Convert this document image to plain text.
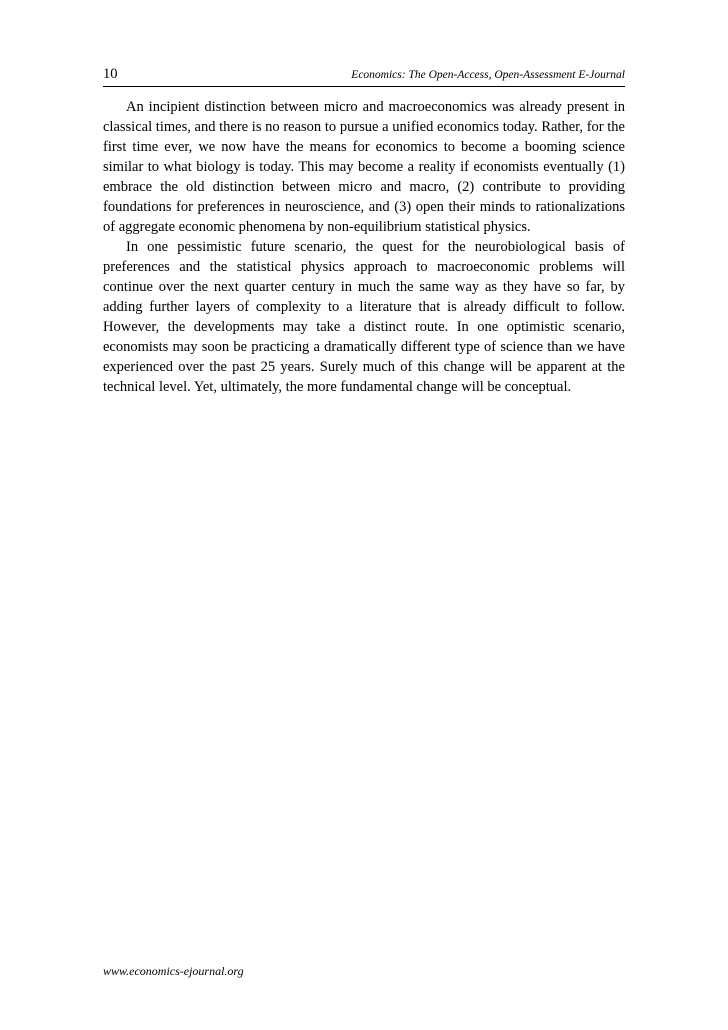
10	Economics: The Open-Access, Open-Assessment E-Journal

An incipient distinction between micro and macroeconomics was already present in classical times, and there is no reason to pursue a unified economics today. Rather, for the first time ever, we now have the means for economics to become a booming science similar to what biology is today. This may become a reality if economists eventually (1) embrace the old distinction between micro and macro, (2) contribute to providing foundations for preferences in neuroscience, and (3) open their minds to rationalizations of aggregate economic phenomena by non-equilibrium statistical physics.

In one pessimistic future scenario, the quest for the neurobiological basis of preferences and the statistical physics approach to macroeconomic problems will continue over the next quarter century in much the same way as they have so far, by adding further layers of complexity to a literature that is already difficult to follow. However, the developments may take a distinct route. In one optimistic scenario, economists may soon be practicing a dramatically different type of science than we have experienced over the past 25 years. Surely much of this change will be apparent at the technical level. Yet, ultimately, the more fundamental change will be conceptual.

www.economics-ejournal.org
